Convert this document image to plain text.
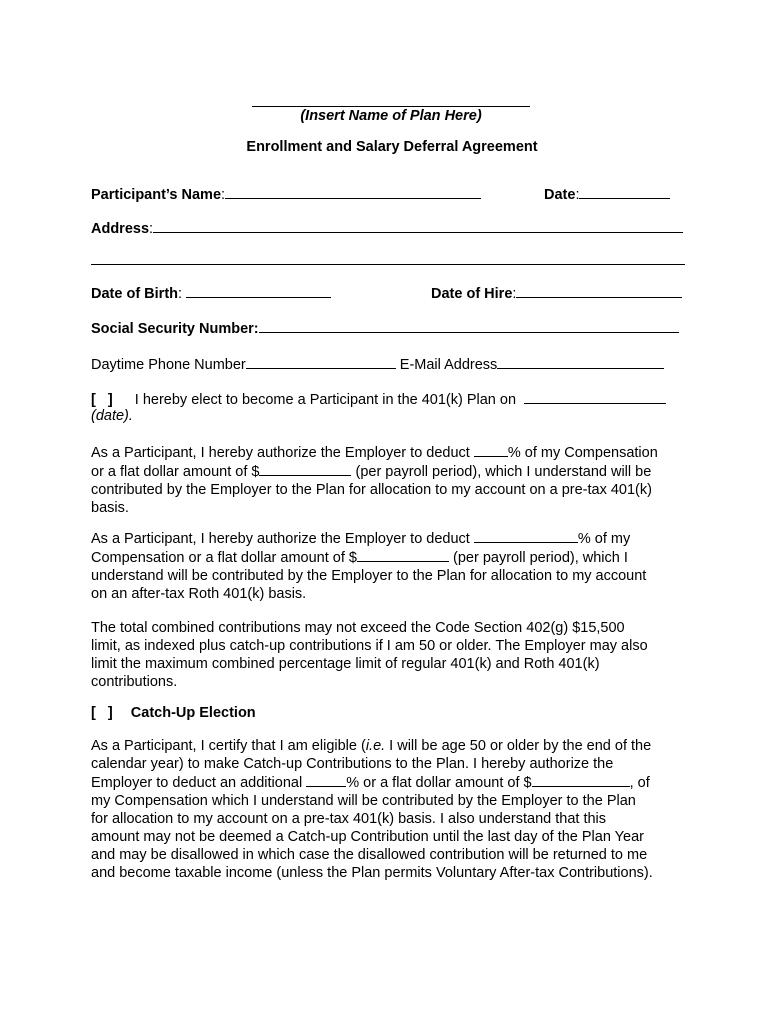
(Insert Name of Plan Here)
Enrollment and Salary Deferral Agreement
Participant’s Name:	Date:
Address:
Date of Birth:	Date of Hire:
Social Security Number:
Daytime Phone Number	E-Mail Address
[   ] I hereby elect to become a Participant in the 401(k) Plan on
(date).
As a Participant, I hereby authorize the Employer to deduct % of my Compensation
or a flat dollar amount of $	(per payroll period), which I understand will be
contributed by the Employer to the Plan for allocation to my account on a pre-tax 401(k)
basis.
As a Participant, I hereby authorize the Employer to deduct	% of my
Compensation or a flat dollar amount of $	(per payroll period), which I
understand will be contributed by the Employer to the Plan for allocation to my account
on an after-tax Roth 401(k) basis.
The total combined contributions may not exceed the Code Section 402(g) $15,500
limit, as indexed plus catch-up contributions if I am 50 or older. The Employer may also
limit the maximum combined percentage limit of regular 401(k) and Roth 401(k)
contributions.
[   ] Catch-Up Election
As a Participant, I certify that I am eligible (i.e. I will be age 50 or older by the end of the
calendar year) to make Catch-up Contributions to the Plan. I hereby authorize the
Employer to deduct an additional	% or a flat dollar amount of $	, of
my Compensation which I understand will be contributed by the Employer to the Plan
for allocation to my account on a pre-tax 401(k) basis. I also understand that this
amount may not be deemed a Catch-up Contribution until the last day of the Plan Year
and may be disallowed in which case the disallowed contribution will be returned to me
and become taxable income (unless the Plan permits Voluntary After-tax Contributions).
